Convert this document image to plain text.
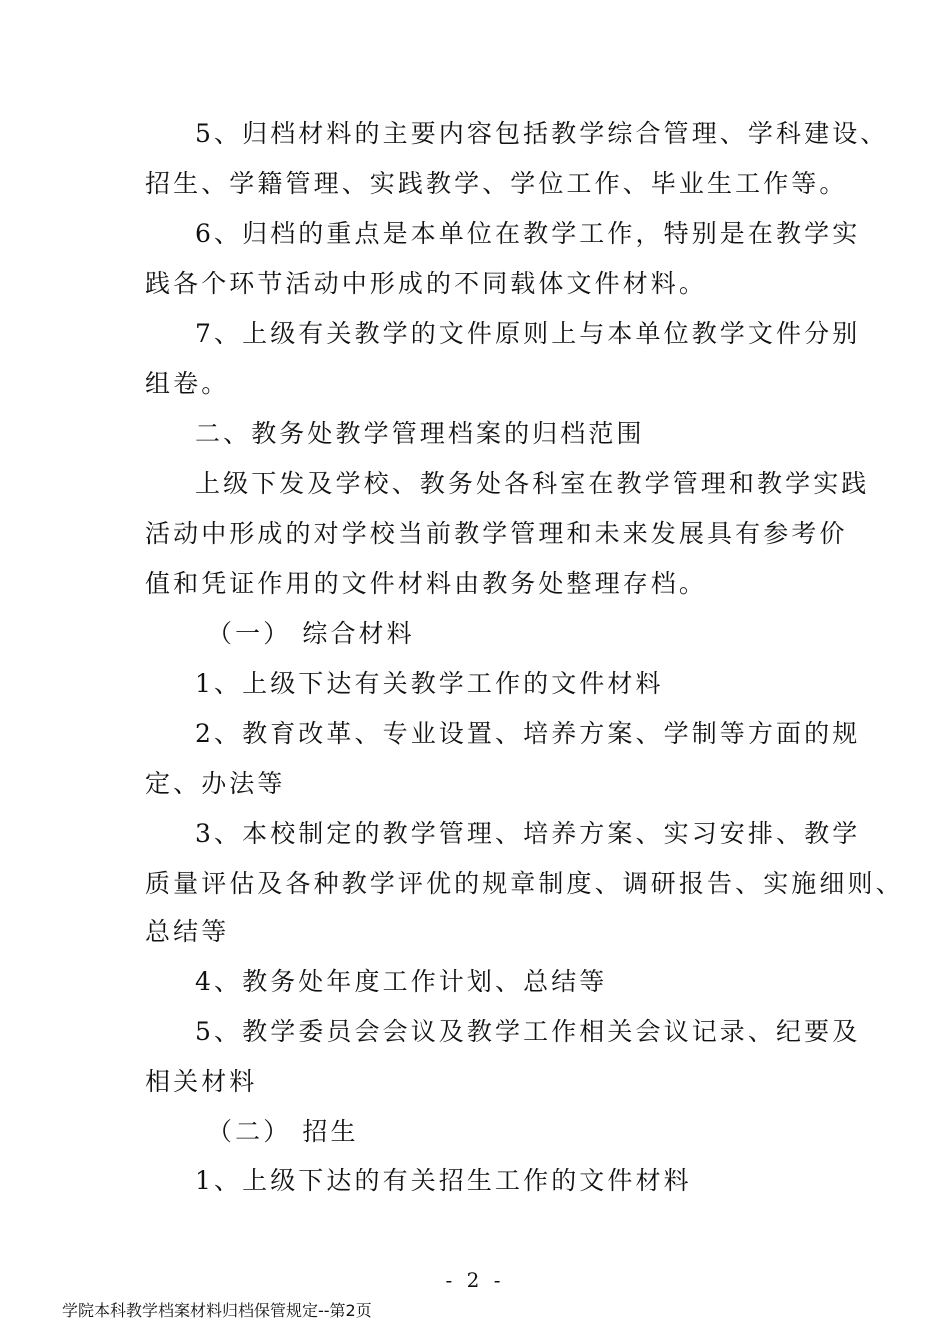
5、归档材料的主要内容包括教学综合管理、学科建设、
招生、学籍管理、实践教学、学位工作、毕业生工作等。
6、归档的重点是本单位在教学工作，特别是在教学实
践各个环节活动中形成的不同载体文件材料。
7、上级有关教学的文件原则上与本单位教学文件分别
组卷。
二、教务处教学管理档案的归档范围
上级下发及学校、教务处各科室在教学管理和教学实践
活动中形成的对学校当前教学管理和未来发展具有参考价
值和凭证作用的文件材料由教务处整理存档。
（一） 综合材料
1、上级下达有关教学工作的文件材料
2、教育改革、专业设置、培养方案、学制等方面的规
定、办法等
3、本校制定的教学管理、培养方案、实习安排、教学
质量评估及各种教学评优的规章制度、调研报告、实施细则、
总结等
4、教务处年度工作计划、总结等
5、教学委员会会议及教学工作相关会议记录、纪要及
相关材料
（二） 招生
1、上级下达的有关招生工作的文件材料
- 2 -
学院本科教学档案材料归档保管规定--第2页
